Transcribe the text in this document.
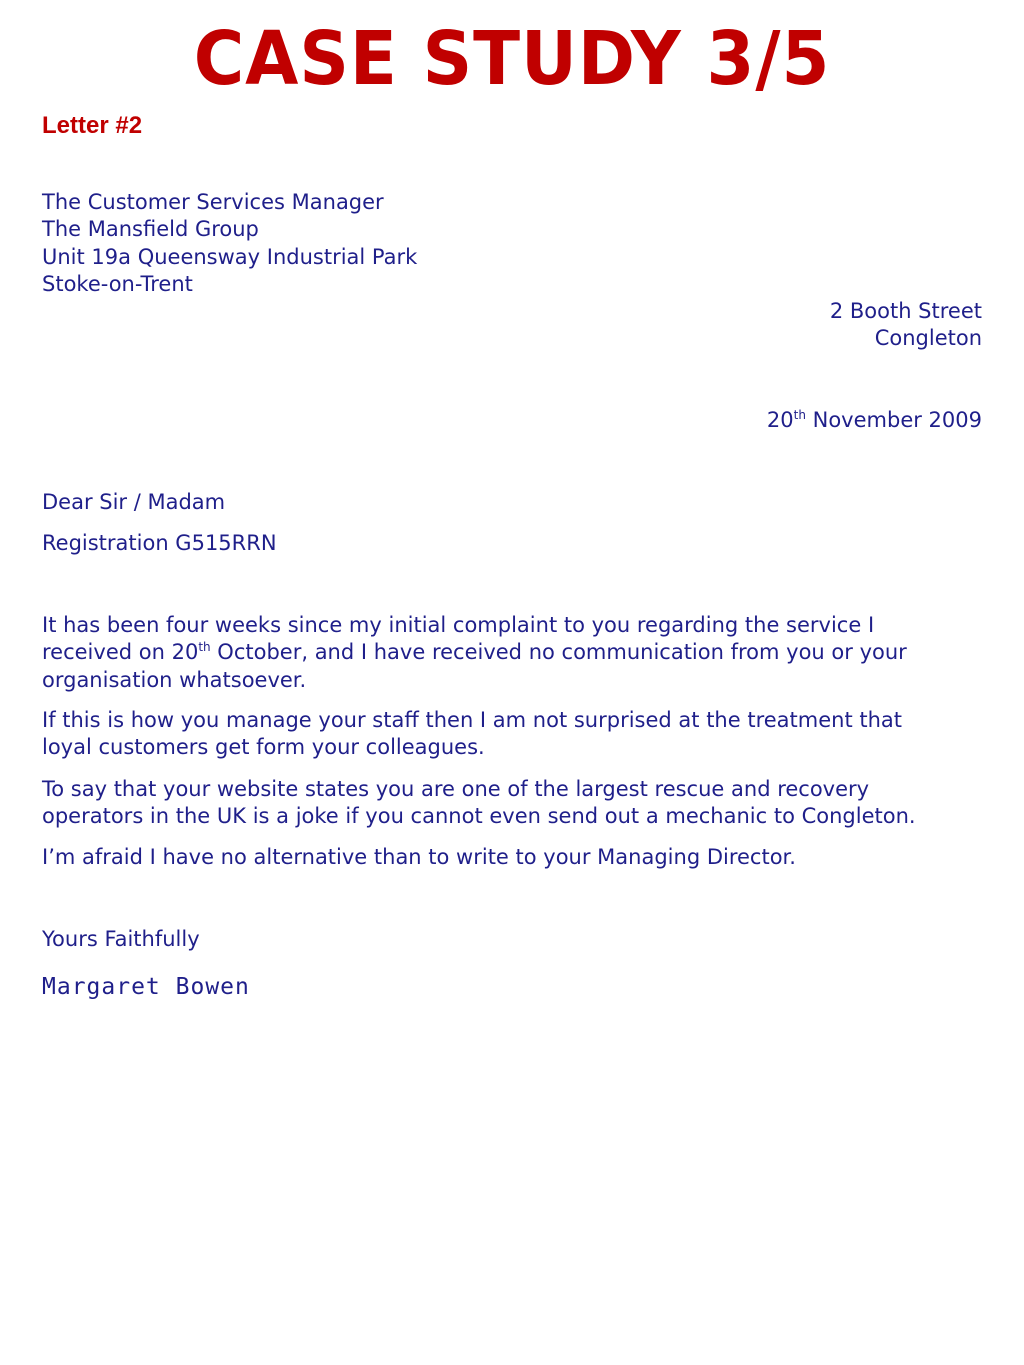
CASE STUDY 3/5
Letter #2
The Customer Services Manager
The Mansfield Group
Unit 19a Queensway Industrial Park
Stoke-on-Trent
2 Booth Street
Congleton
20th November 2009
Dear Sir / Madam
Registration G515RRN
It has been four weeks since my initial complaint to you regarding the service I
received on 20th October, and I have received no communication from you or your
organisation whatsoever.
If this is how you manage your staff then I am not surprised at the treatment that
loyal customers get form your colleagues.
To say that your website states you are one of the largest rescue and recovery
operators in the UK is a joke if you cannot even send out a mechanic to Congleton.
I’m afraid I have no alternative than to write to your Managing Director.
Yours Faithfully
Margaret Bowen
